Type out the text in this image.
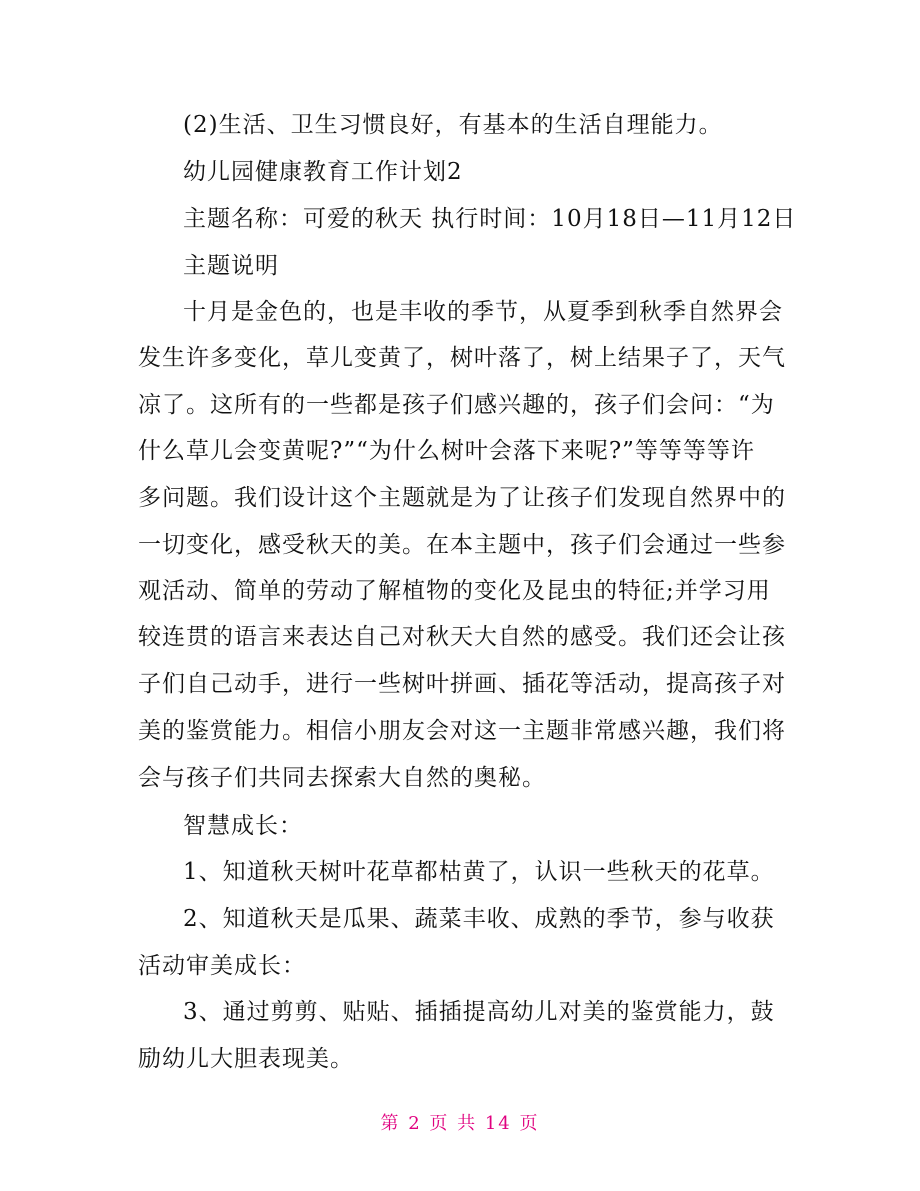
(2)生活、卫生习惯良好，有基本的生活自理能力。
幼儿园健康教育工作计划2
主题名称：可爱的秋天 执行时间：10月18日—11月12日
主题说明
十月是金色的，也是丰收的季节，从夏季到秋季自然界会
发生许多变化，草儿变黄了，树叶落了，树上结果子了，天气
凉了。这所有的一些都是孩子们感兴趣的，孩子们会问：“为
什么草儿会变黄呢?”“为什么树叶会落下来呢?”等等等等许
多问题。我们设计这个主题就是为了让孩子们发现自然界中的
一切变化，感受秋天的美。在本主题中，孩子们会通过一些参
观活动、简单的劳动了解植物的变化及昆虫的特征;并学习用
较连贯的语言来表达自己对秋天大自然的感受。我们还会让孩
子们自己动手，进行一些树叶拼画、插花等活动，提高孩子对
美的鉴赏能力。相信小朋友会对这一主题非常感兴趣，我们将
会与孩子们共同去探索大自然的奥秘。
智慧成长：
1、知道秋天树叶花草都枯黄了，认识一些秋天的花草。
2、知道秋天是瓜果、蔬菜丰收、成熟的季节，参与收获
活动审美成长：
3、通过剪剪、贴贴、插插提高幼儿对美的鉴赏能力，鼓
励幼儿大胆表现美。
第 2 页 共 14 页
